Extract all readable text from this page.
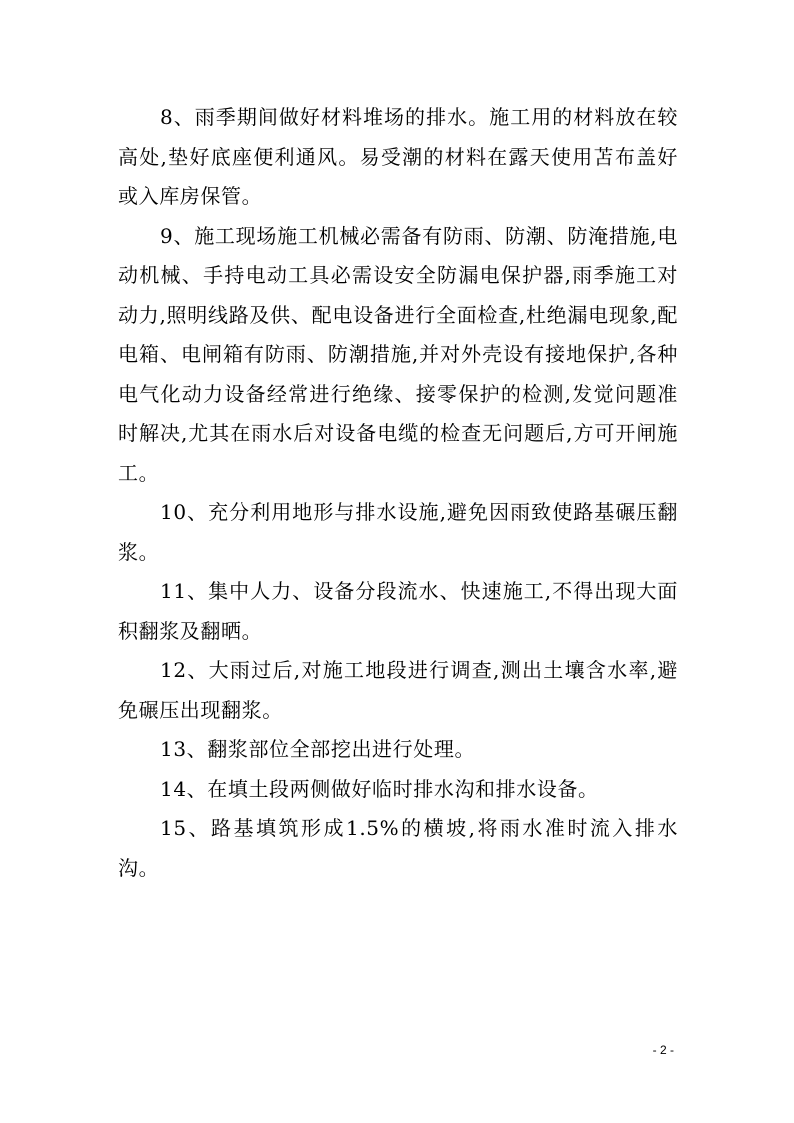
8、雨季期间做好材料堆场的排水。施工用的材料放在较高处,垫好底座便利通风。易受潮的材料在露天使用苫布盖好或入库房保管。

9、施工现场施工机械必需备有防雨、防潮、防淹措施,电动机械、手持电动工具必需设安全防漏电保护器,雨季施工对动力,照明线路及供、配电设备进行全面检查,杜绝漏电现象,配电箱、电闸箱有防雨、防潮措施,并对外壳设有接地保护,各种电气化动力设备经常进行绝缘、接零保护的检测,发觉问题准时解决,尤其在雨水后对设备电缆的检查无问题后,方可开闸施工。

10、充分利用地形与排水设施,避免因雨致使路基碾压翻浆。

11、集中人力、设备分段流水、快速施工,不得出现大面积翻浆及翻晒。

12、大雨过后,对施工地段进行调查,测出土壤含水率,避免碾压出现翻浆。

13、翻浆部位全部挖出进行处理。

14、在填土段两侧做好临时排水沟和排水设备。

15、路基填筑形成1.5%的横坡,将雨水准时流入排水沟。

- 2 -
